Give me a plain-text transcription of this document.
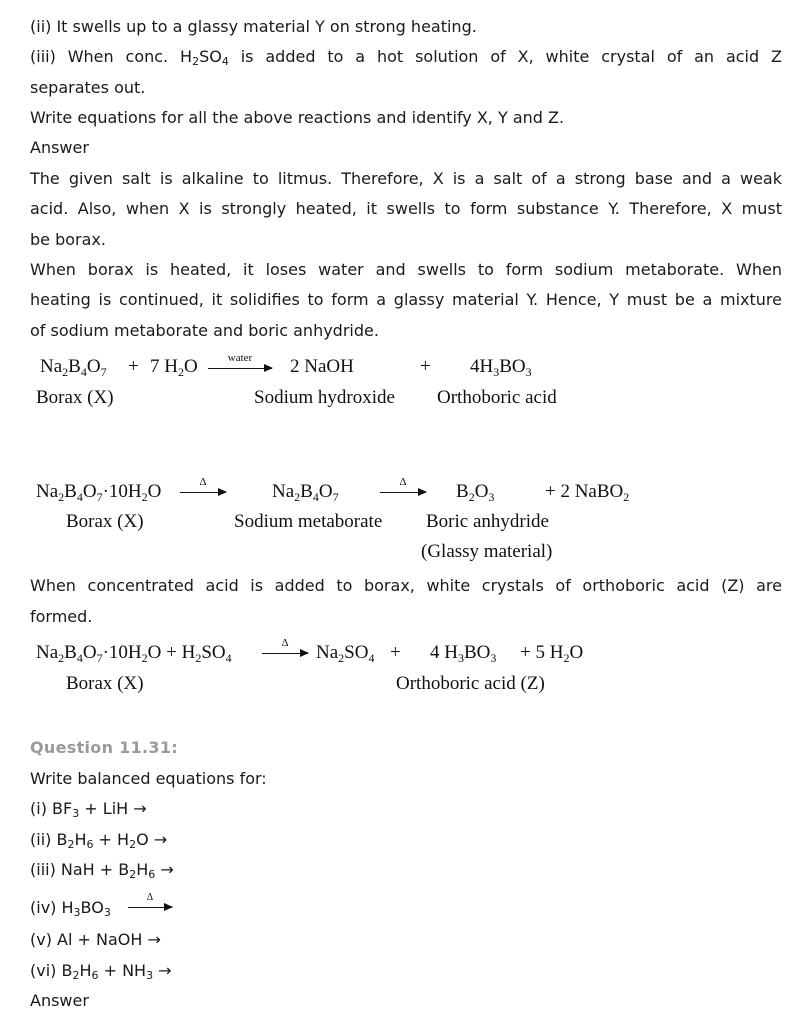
(ii) It swells up to a glassy material Y on strong heating.
(iii) When conc. $H_2SO_4$ is added to a hot solution of X, white crystal of an acid Z
separates out.
Write equations for all the above reactions and identify X, Y and Z.
Answer
The given salt is alkaline to litmus. Therefore, X is a salt of a strong base and a weak
acid. Also, when X is strongly heated, it swells to form substance Y. Therefore, X must
be borax.
When borax is heated, it loses water and swells to form sodium metaborate. When
heating is continued, it solidifies to form a glassy material Y. Hence, Y must be a mixture
of sodium metaborate and boric anhydride.
$Na_2B_4O_7 + 7$ $H_2O$	water	2 NaOH	+ $4H_3BO_3$
Borax (X)	Sodium hydroxide Orthoboric acid
$Na_2B_4O_7\cdot 10H_2O$	Δ	$Na_2B_4O_7$
Δ	$B_2O_3$	+ 2 NaBO$_2$
Borax (X)	Sodium metaborate Boric anhydride
(Glassy material)
When concentrated acid is added to borax, white crystals of orthoboric acid (Z) are
formed.
$Na_2B_4O_7\cdot 10H_2O + H_2SO_4$
Δ	$Na_2SO_4 + 4$ $H_3BO_3 + 5$ $H_2O$
Borax (X)	Orthoboric acid (Z)
Question 11.31:
Write balanced equations for:
(i) $BF_3$ + LiH →
(ii) $B_2H_6 + H_2O$ →
(iii) NaH + $B_2H_6$ →
(iv) $H_3BO_3$
Δ
(v) Al + NaOH →
(vi) $B_2H_6 + NH_3$ →
Answer
